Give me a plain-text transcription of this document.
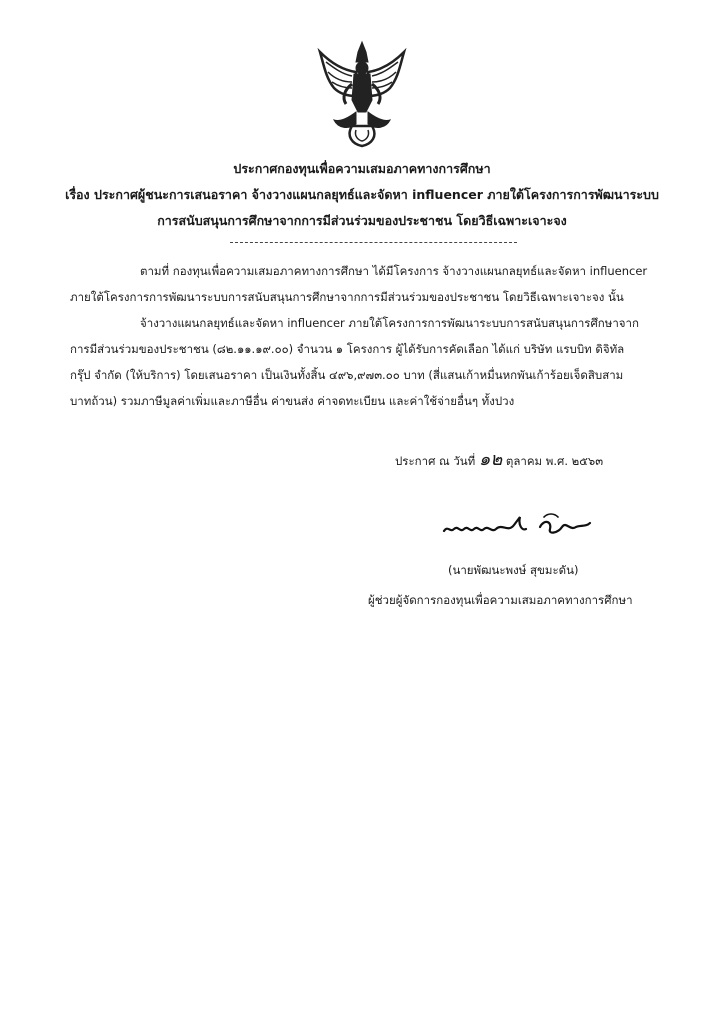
ประกาศกองทุนเพื่อความเสมอภาคทางการศึกษา
เรื่อง ประกาศผู้ชนะการเสนอราคา จ้างวางแผนกลยุทธ์และจัดหา influencer ภายใต้โครงการการพัฒนาระบบ
การสนับสนุนการศึกษาจากการมีส่วนร่วมของประชาชน โดยวิธีเฉพาะเจาะจง
ตามที่ กองทุนเพื่อความเสมอภาคทางการศึกษา ได้มีโครงการ จ้างวางแผนกลยุทธ์และจัดหา influencer
ภายใต้โครงการการพัฒนาระบบการสนับสนุนการศึกษาจากการมีส่วนร่วมของประชาชน โดยวิธีเฉพาะเจาะจง นั้น
จ้างวางแผนกลยุทธ์และจัดหา influencer ภายใต้โครงการการพัฒนาระบบการสนับสนุนการศึกษาจาก
การมีส่วนร่วมของประชาชน (๘๒.๑๑.๑๙.๐๐) จำนวน ๑ โครงการ ผู้ได้รับการคัดเลือก ได้แก่ บริษัท แรบบิท ดิจิทัล
กรุ๊ป จำกัด (ให้บริการ) โดยเสนอราคา เป็นเงินทั้งสิ้น ๔๙๖,๙๗๓.๐๐ บาท (สี่แสนเก้าหมื่นหกพันเก้าร้อยเจ็ดสิบสาม
บาทถ้วน) รวมภาษีมูลค่าเพิ่มและภาษีอื่น ค่าขนส่ง ค่าจดทะเบียน และค่าใช้จ่ายอื่นๆ ทั้งปวง
ประกาศ ณ วันที่ ๑๒ ตุลาคม พ.ศ. ๒๕๖๓
(นายพัฒนะพงษ์ สุขมะดัน)
ผู้ช่วยผู้จัดการกองทุนเพื่อความเสมอภาคทางการศึกษา
